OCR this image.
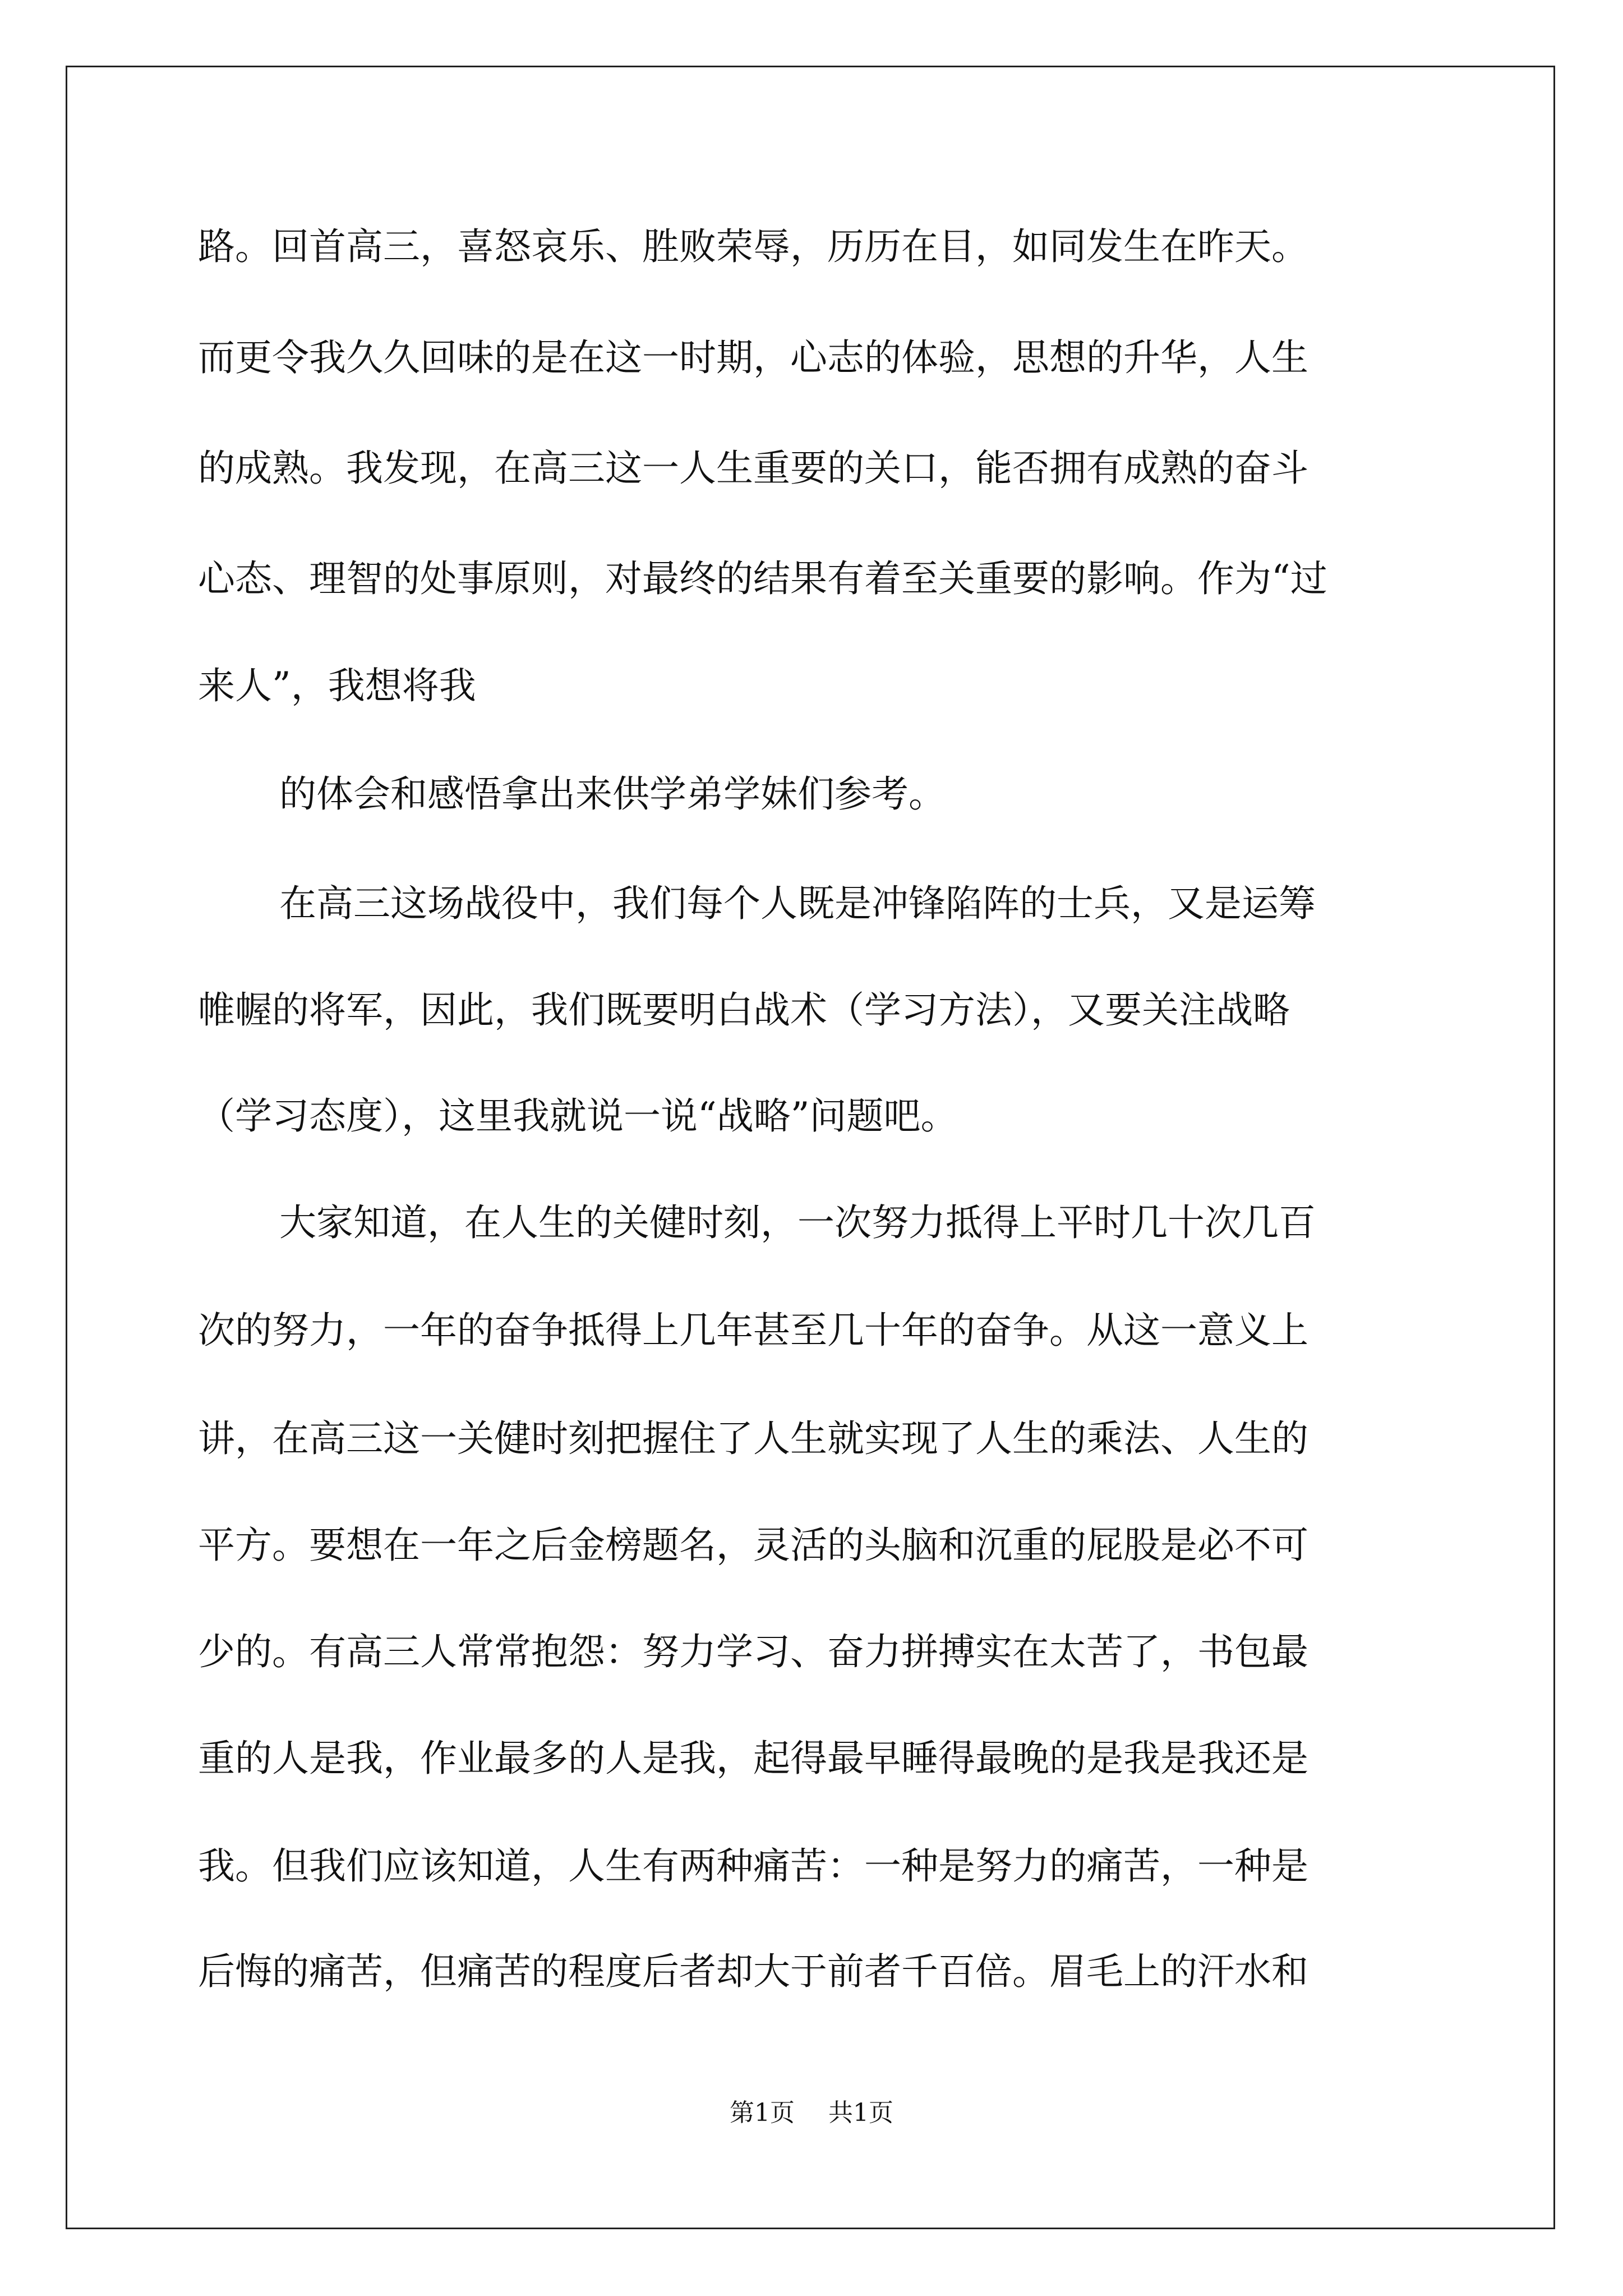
路。回首高三，喜怒哀乐、胜败荣辱，历历在目，如同发生在昨天。
而更令我久久回味的是在这一时期，心志的体验，思想的升华，人生
的成熟。我发现，在高三这一人生重要的关口，能否拥有成熟的奋斗
心态、理智的处事原则，对最终的结果有着至关重要的影响。作为“过
来人”，我想将我
的体会和感悟拿出来供学弟学妹们参考。
在高三这场战役中，我们每个人既是冲锋陷阵的士兵，又是运筹
帷幄的将军，因此，我们既要明白战术（学习方法），又要关注战略
（学习态度），这里我就说一说“战略”问题吧。
大家知道，在人生的关健时刻，一次努力抵得上平时几十次几百
次的努力，一年的奋争抵得上几年甚至几十年的奋争。从这一意义上
讲，在高三这一关健时刻把握住了人生就实现了人生的乘法、人生的
平方。要想在一年之后金榜题名，灵活的头脑和沉重的屁股是必不可
少的。有高三人常常抱怨：努力学习、奋力拼搏实在太苦了，书包最
重的人是我，作业最多的人是我，起得最早睡得最晚的是我是我还是
我。但我们应该知道，人生有两种痛苦：一种是努力的痛苦，一种是
后悔的痛苦，但痛苦的程度后者却大于前者千百倍。眉毛上的汗水和
第1页 共1页
